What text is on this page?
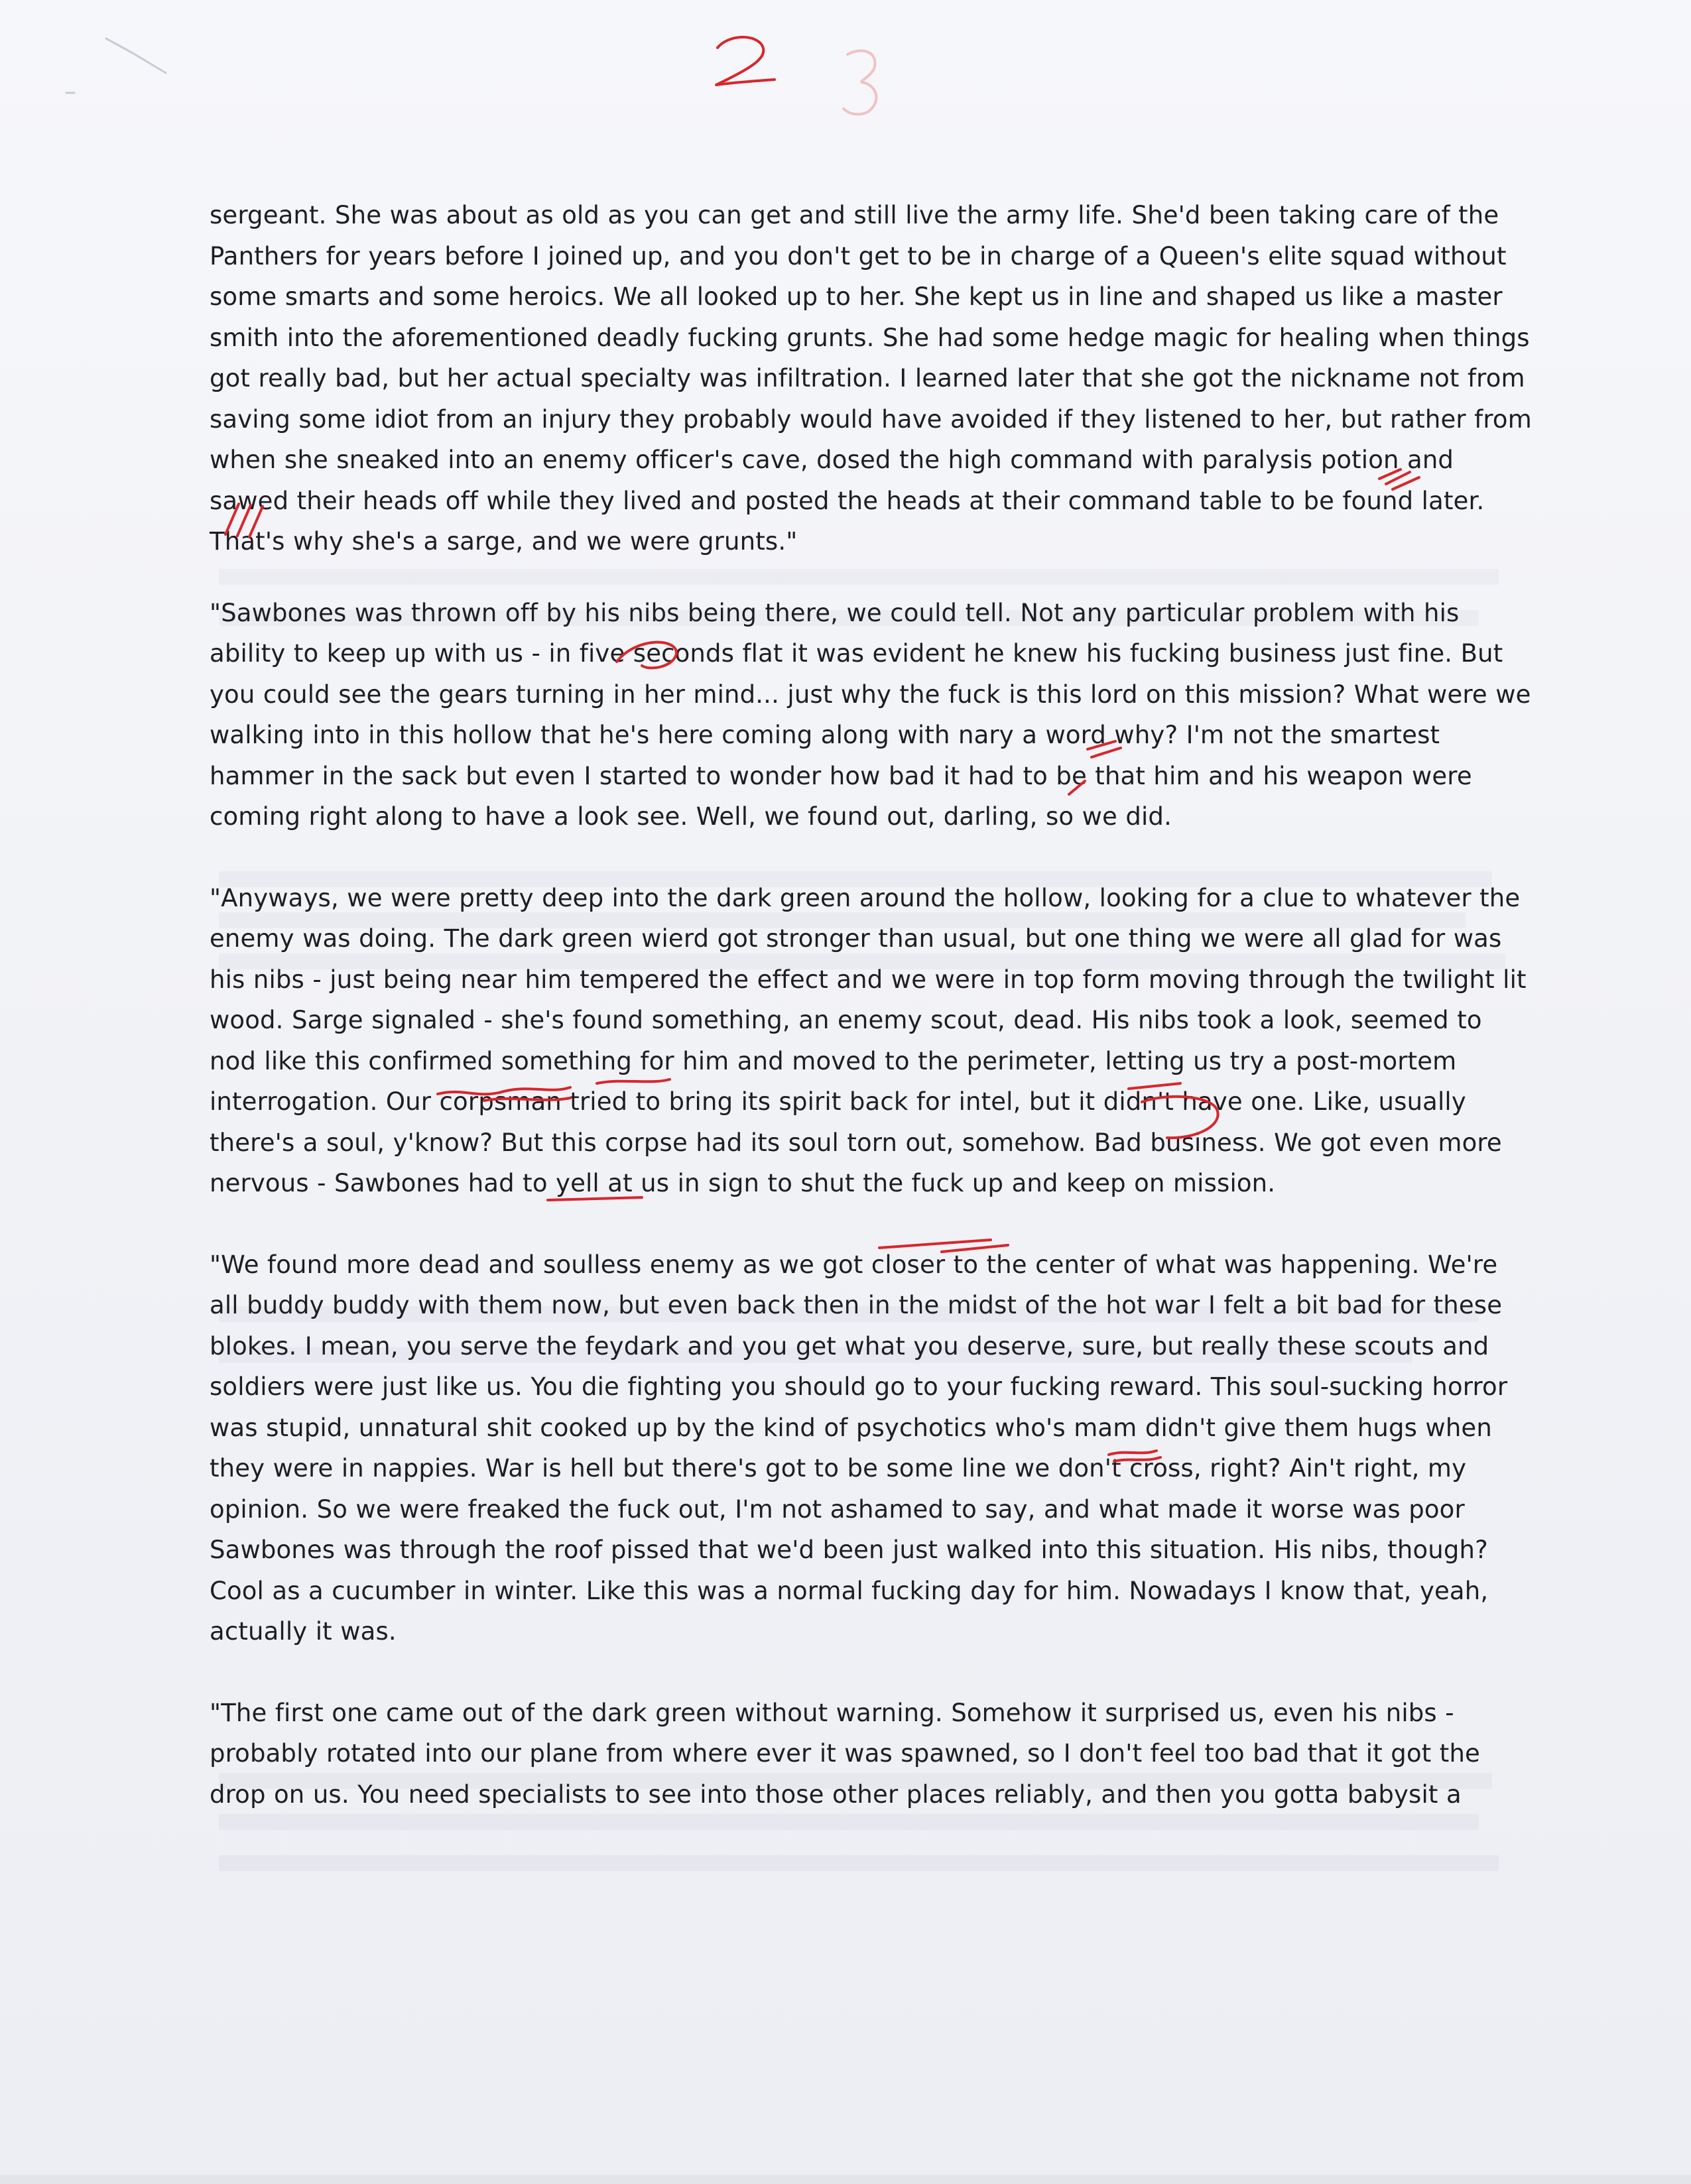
sergeant. She was about as old as you can get and still live the army life. She'd been taking care of the Panthers for years before I joined up, and you don't get to be in charge of a Queen's elite squad without some smarts and some heroics. We all looked up to her. She kept us in line and shaped us like a master smith into the aforementioned deadly fucking grunts. She had some hedge magic for healing when things got really bad, but her actual specialty was infiltration. I learned later that she got the nickname not from saving some idiot from an injury they probably would have avoided if they listened to her, but rather from when she sneaked into an enemy officer's cave, dosed the high command with paralysis potion and sawed their heads off while they lived and posted the heads at their command table to be found later. That's why she's a sarge, and we were grunts."

"Sawbones was thrown off by his nibs being there, we could tell. Not any particular problem with his ability to keep up with us - in five seconds flat it was evident he knew his fucking business just fine. But you could see the gears turning in her mind... just why the fuck is this lord on this mission? What were we walking into in this hollow that he's here coming along with nary a word why? I'm not the smartest hammer in the sack but even I started to wonder how bad it had to be that him and his weapon were coming right along to have a look see. Well, we found out, darling, so we did.

"Anyways, we were pretty deep into the dark green around the hollow, looking for a clue to whatever the enemy was doing. The dark green wierd got stronger than usual, but one thing we were all glad for was his nibs - just being near him tempered the effect and we were in top form moving through the twilight lit wood. Sarge signaled - she's found something, an enemy scout, dead. His nibs took a look, seemed to nod like this confirmed something for him and moved to the perimeter, letting us try a post-mortem interrogation. Our corpsman tried to bring its spirit back for intel, but it didn't have one. Like, usually there's a soul, y'know? But this corpse had its soul torn out, somehow. Bad business. We got even more nervous - Sawbones had to yell at us in sign to shut the fuck up and keep on mission.

"We found more dead and soulless enemy as we got closer to the center of what was happening. We're all buddy buddy with them now, but even back then in the midst of the hot war I felt a bit bad for these blokes. I mean, you serve the feydark and you get what you deserve, sure, but really these scouts and soldiers were just like us. You die fighting you should go to your fucking reward. This soul-sucking horror was stupid, unnatural shit cooked up by the kind of psychotics who's mam didn't give them hugs when they were in nappies. War is hell but there's got to be some line we don't cross, right? Ain't right, my opinion. So we were freaked the fuck out, I'm not ashamed to say, and what made it worse was poor Sawbones was through the roof pissed that we'd been just walked into this situation. His nibs, though? Cool as a cucumber in winter. Like this was a normal fucking day for him. Nowadays I know that, yeah, actually it was.

"The first one came out of the dark green without warning. Somehow it surprised us, even his nibs - probably rotated into our plane from where ever it was spawned, so I don't feel too bad that it got the drop on us. You need specialists to see into those other places reliably, and then you gotta babysit a
